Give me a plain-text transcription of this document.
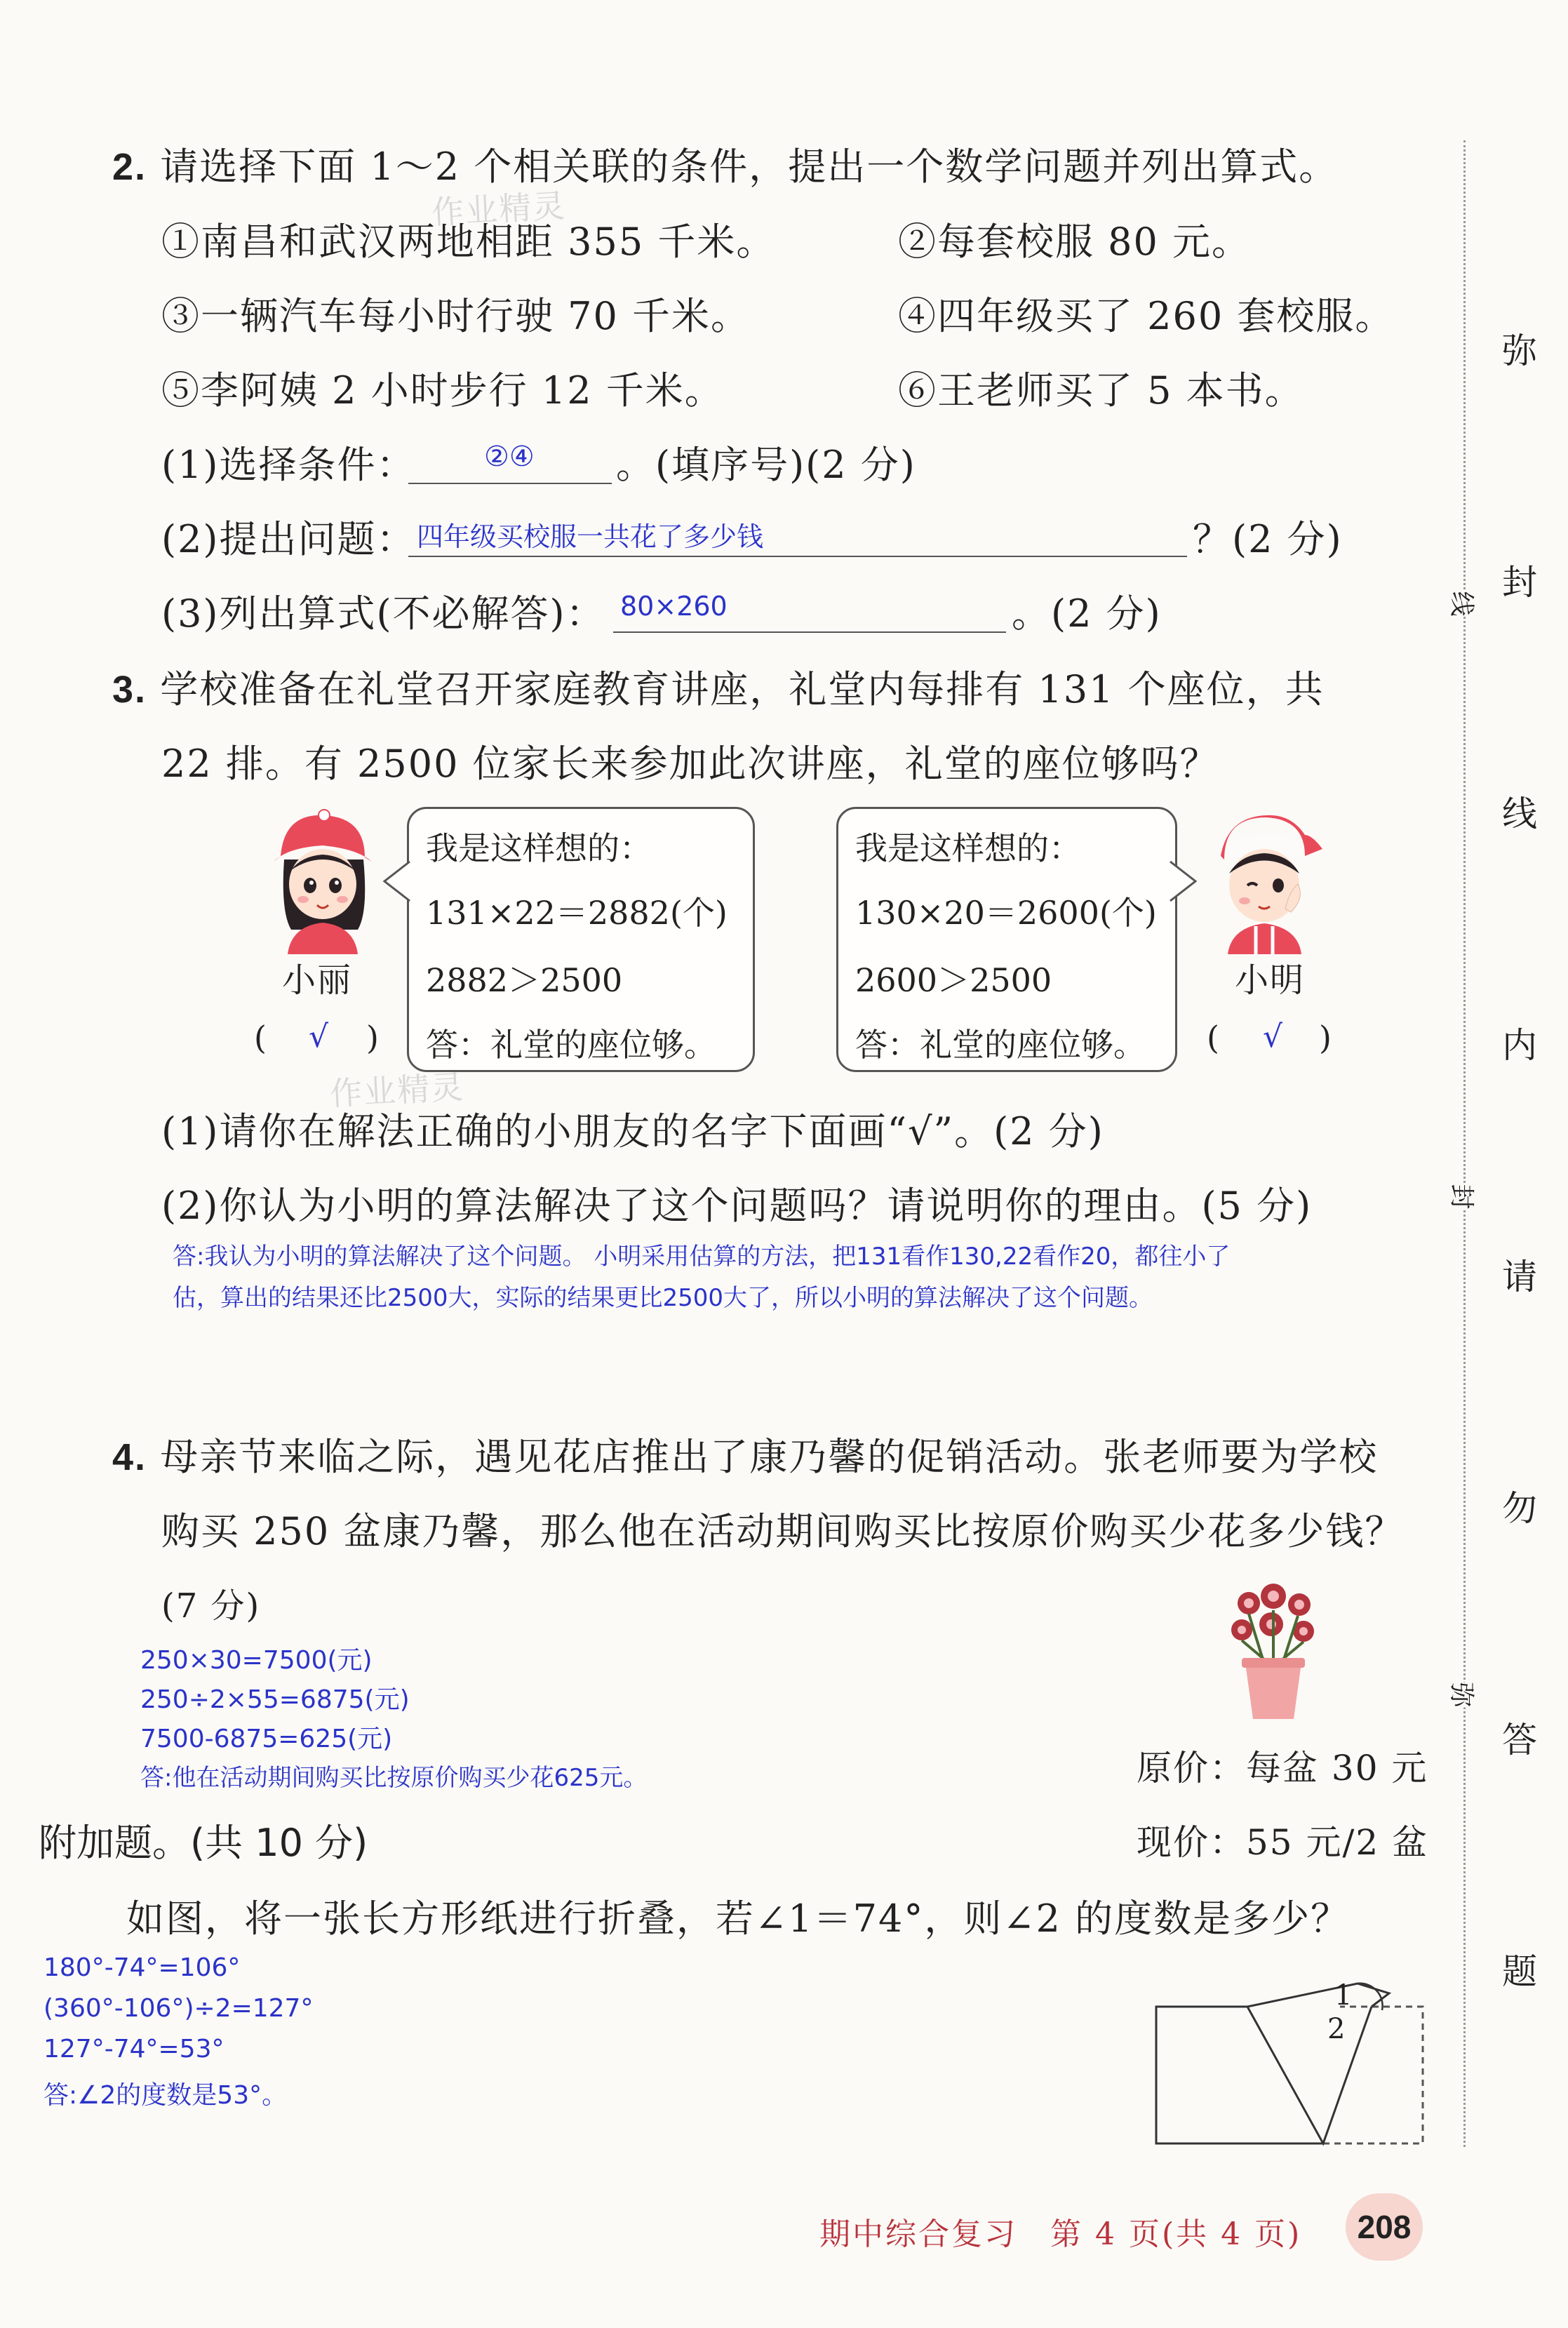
2. 请选择下面 1～2 个相关联的条件，提出一个数学问题并列出算式。
作业精灵
①南昌和武汉两地相距 355 千米。	②每套校服 80 元。
③一辆汽车每小时行驶 70 千米。	④四年级买了 260 套校服。
⑤李阿姨 2 小时步行 12 千米。	⑥王老师买了 5 本书。
(1)选择条件： ②④ 。(填序号)(2 分)
(2)提出问题： 四年级买校服一共花了多少钱	？(2 分)
(3)列出算式(不必解答)： 80×260	。(2 分)
3. 学校准备在礼堂召开家庭教育讲座，礼堂内每排有 131 个座位，共
22 排。有 2500 位家长来参加此次讲座，礼堂的座位够吗？
小丽
( √ )
我是这样想的：
131×22＝2882(个)
2882＞2500
答：礼堂的座位够。
我是这样想的：
130×20＝2600(个)
2600＞2500
答：礼堂的座位够。
小明
( √ )
作业精灵
(1)请你在解法正确的小朋友的名字下面画“√”。(2 分)
(2)你认为小明的算法解决了这个问题吗？请说明你的理由。(5 分)
答:我认为小明的算法解决了这个问题。 小明采用估算的方法，把131看作130,22看作20，都往小了
估，算出的结果还比2500大，实际的结果更比2500大了，所以小明的算法解决了这个问题。
4. 母亲节来临之际，遇见花店推出了康乃馨的促销活动。张老师要为学校
购买 250 盆康乃馨，那么他在活动期间购买比按原价购买少花多少钱？
(7 分)
250×30=7500(元)
250÷2×55=6875(元)
7500-6875=625(元)
答:他在活动期间购买比按原价购买少花625元。	原价：每盆 30 元
现价：55 元/2 盆
附加题。(共 10 分)
如图，将一张长方形纸进行折叠，若∠1＝74°，则∠2 的度数是多少？
180°-74°=106°
(360°-106°)÷2=127°
127°-74°=53°
答:∠2的度数是53°。
1
2
弥
封
线
内
请
勿
答
题
线
封
弥
期中综合复习　第 4 页(共 4 页)	208
